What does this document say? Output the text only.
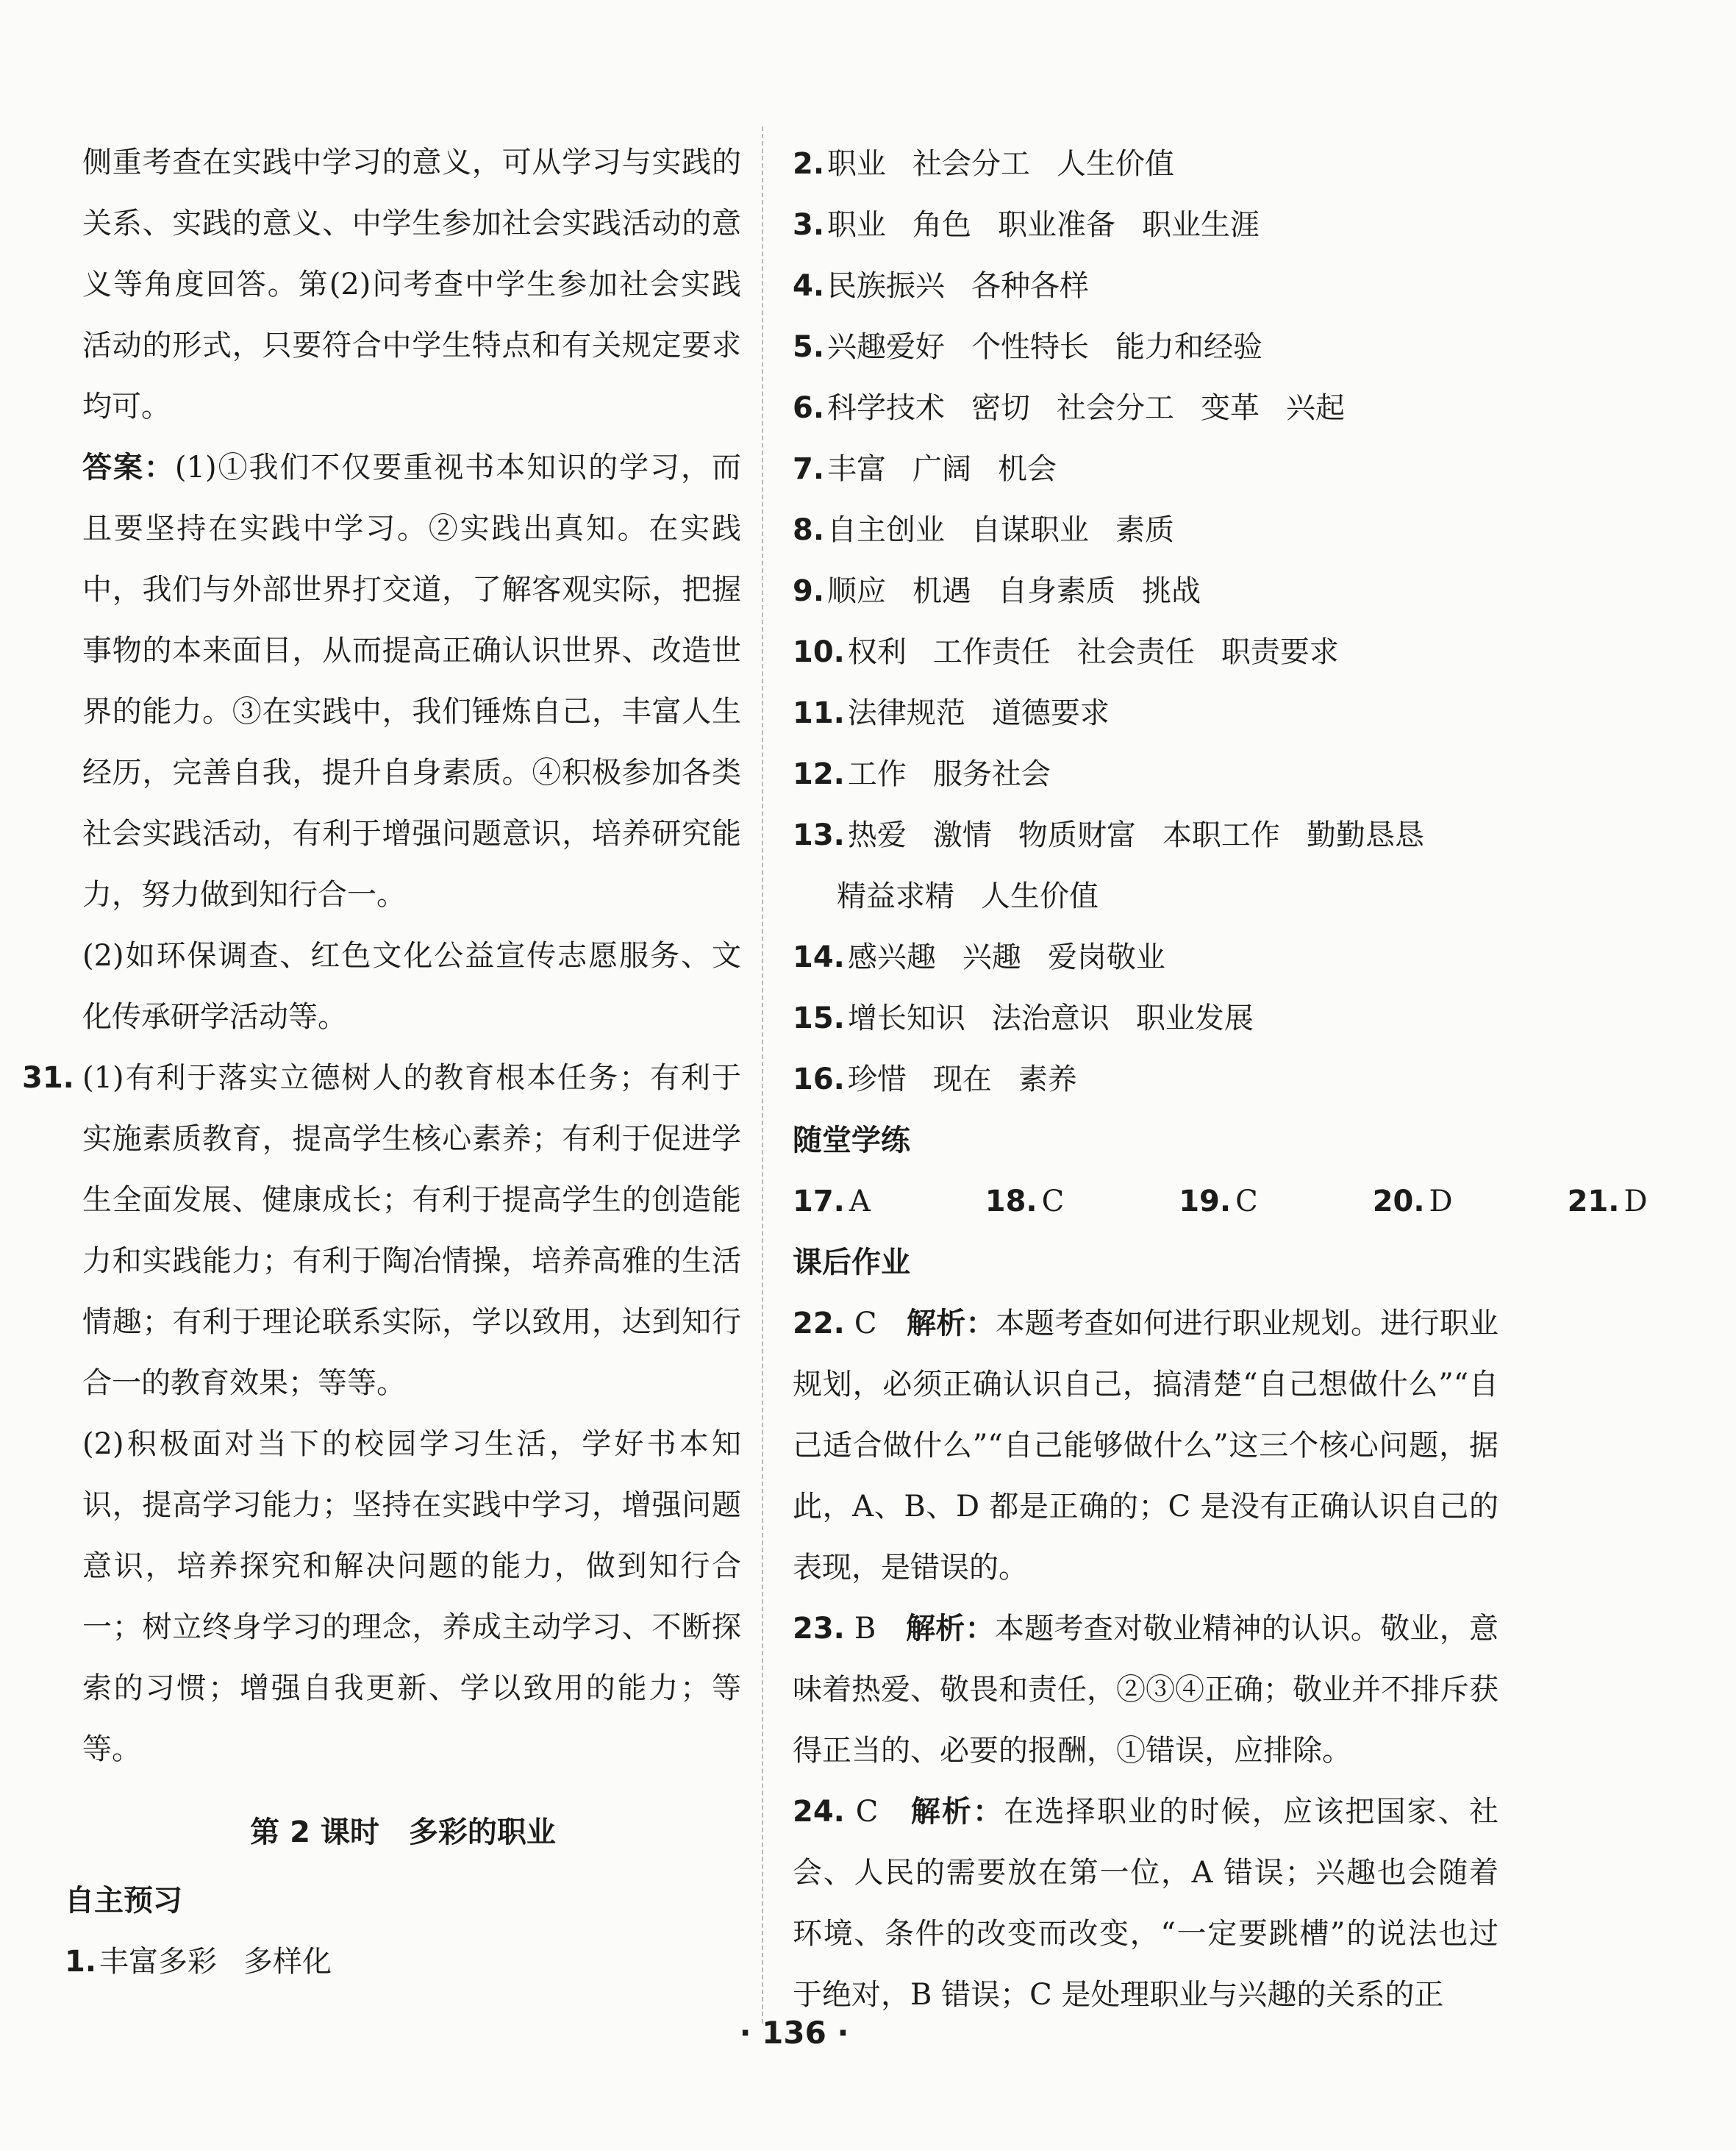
侧重考查在实践中学习的意义，可从学习与实践的关系、实践的意义、中学生参加社会实践活动的意义等角度回答。第(2)问考查中学生参加社会实践活动的形式，只要符合中学生特点和有关规定要求均可。

答案：(1)①我们不仅要重视书本知识的学习，而且要坚持在实践中学习。②实践出真知。在实践中，我们与外部世界打交道，了解客观实际，把握事物的本来面目，从而提高正确认识世界、改造世界的能力。③在实践中，我们锤炼自己，丰富人生经历，完善自我，提升自身素质。④积极参加各类社会实践活动，有利于增强问题意识，培养研究能力，努力做到知行合一。

(2)如环保调查、红色文化公益宣传志愿服务、文化传承研学活动等。

31. (1)有利于落实立德树人的教育根本任务；有利于实施素质教育，提高学生核心素养；有利于促进学生全面发展、健康成长；有利于提高学生的创造能力和实践能力；有利于陶冶情操，培养高雅的生活情趣；有利于理论联系实际，学以致用，达到知行合一的教育效果；等等。

(2)积极面对当下的校园学习生活，学好书本知识，提高学习能力；坚持在实践中学习，增强问题意识，培养探究和解决问题的能力，做到知行合一；树立终身学习的理念，养成主动学习、不断探索的习惯；增强自我更新、学以致用的能力；等等。

第 2 课时　多彩的职业

自主预习

1. 丰富多彩 多样化

2. 职业 社会分工 人生价值

3. 职业 角色 职业准备 职业生涯

4. 民族振兴 各种各样

5. 兴趣爱好 个性特长 能力和经验

6. 科学技术 密切 社会分工 变革 兴起

7. 丰富 广阔 机会

8. 自主创业 自谋职业 素质

9. 顺应 机遇 自身素质 挑战

10. 权利 工作责任 社会责任 职责要求

11. 法律规范 道德要求

12. 工作 服务社会

13. 热爱 激情 物质财富 本职工作 勤勤恳恳

精益求精 人生价值

14. 感兴趣 兴趣 爱岗敬业

15. 增长知识 法治意识 职业发展

16. 珍惜 现在 素养

随堂学练

17. A	18. C	19. C	20. D	21. D

课后作业

22. C　 解析：本题考查如何进行职业规划。进行职业规划，必须正确认识自己，搞清楚“自己想做什么”“自己适合做什么”“自己能够做什么”这三个核心问题，据此，A、B、D 都是正确的；C 是没有正确认识自己的表现，是错误的。

23. B　 解析：本题考查对敬业精神的认识。敬业，意味着热爱、敬畏和责任，②③④正确；敬业并不排斥获得正当的、必要的报酬，①错误，应排除。

24. C　 解析：在选择职业的时候，应该把国家、社会、人民的需要放在第一位，A 错误；兴趣也会随着环境、条件的改变而改变，“一定要跳槽”的说法也过于绝对，B 错误；C 是处理职业与兴趣的关系的正

· 136 ·
